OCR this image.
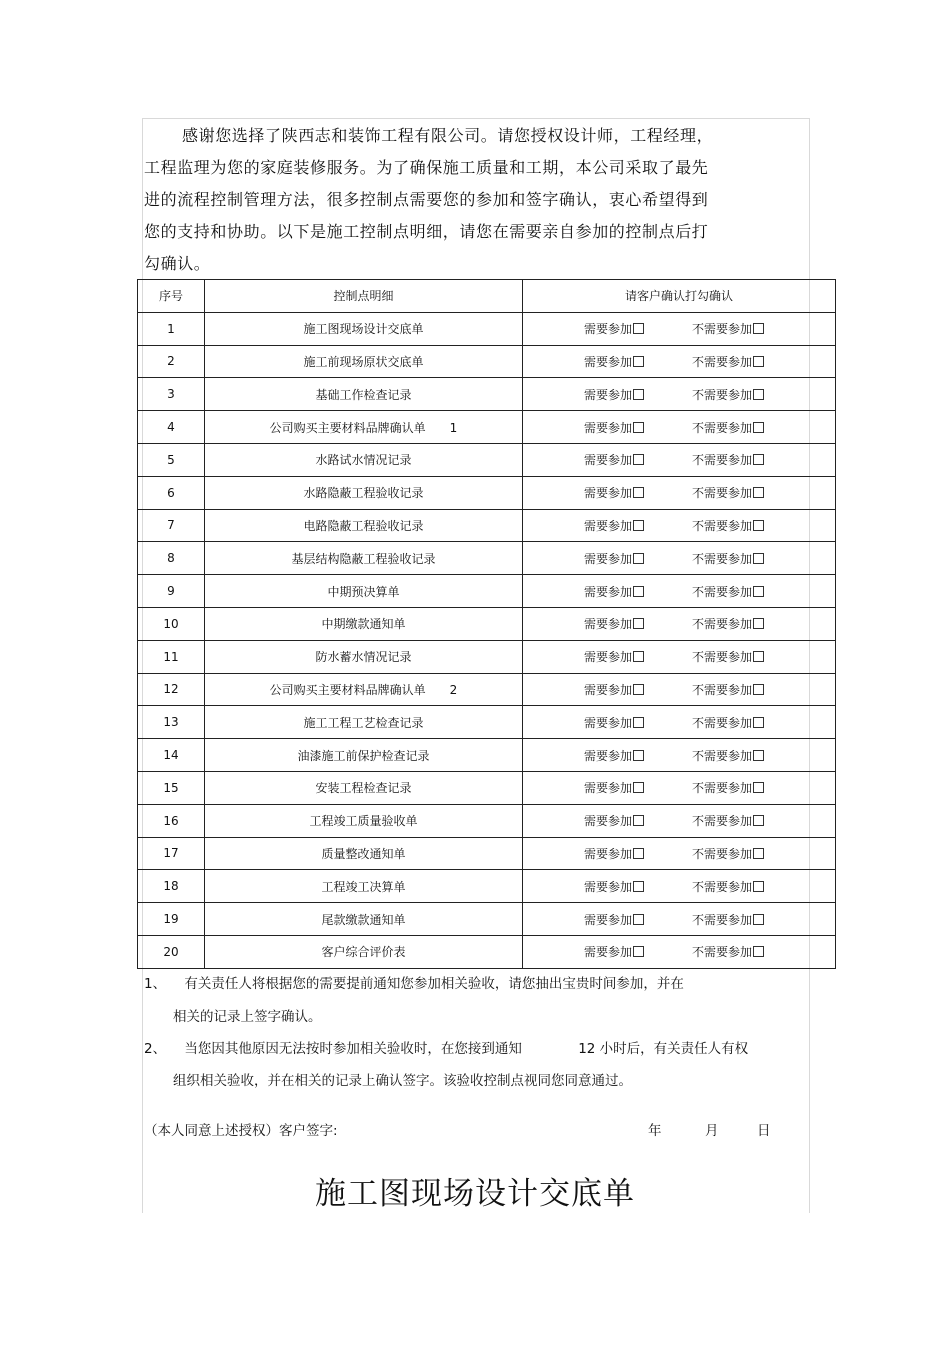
感谢您选择了陕西志和装饰工程有限公司。请您授权设计师，工程经理，

工程监理为您的家庭装修服务。为了确保施工质量和工期，本公司采取了最先
进的流程控制管理方法，很多控制点需要您的参加和签字确认，衷心希望得到
您的支持和协助。以下是施工控制点明细，请您在需要亲自参加的控制点后打
勾确认。
序号	控制点明细	请客户确认打勾确认
1	施工图现场设计交底单	需要参加 不需要参加
2	施工前现场原状交底单	需要参加 不需要参加
3	基础工作检查记录	需要参加 不需要参加
4	公司购买主要材料品牌确认单　　1	需要参加 不需要参加
5	水路试水情况记录	需要参加 不需要参加
6	水路隐蔽工程验收记录	需要参加 不需要参加
7	电路隐蔽工程验收记录	需要参加 不需要参加
8	基层结构隐蔽工程验收记录	需要参加 不需要参加
9	中期预决算单	需要参加 不需要参加
10	中期缴款通知单	需要参加 不需要参加
11	防水蓄水情况记录	需要参加 不需要参加
12	公司购买主要材料品牌确认单　　2	需要参加 不需要参加
13	施工工程工艺检查记录	需要参加 不需要参加
14	油漆施工前保护检查记录	需要参加 不需要参加
15	安装工程检查记录	需要参加 不需要参加
16	工程竣工质量验收单	需要参加 不需要参加
17	质量整改通知单	需要参加 不需要参加
18	工程竣工决算单	需要参加 不需要参加
19	尾款缴款通知单	需要参加 不需要参加
20	客户综合评价表	需要参加 不需要参加
1、 有关责任人将根据您的需要提前通知您参加相关验收，请您抽出宝贵时间参加，并在
相关的记录上签字确认。
2、 当您因其他原因无法按时参加相关验收时，在您接到通知	12 小时后，有关责任人有权
组织相关验收，并在相关的记录上确认签字。该验收控制点视同您同意通过。
（本人同意上述授权）客户签字:	年	月	日
施工图现场设计交底单
